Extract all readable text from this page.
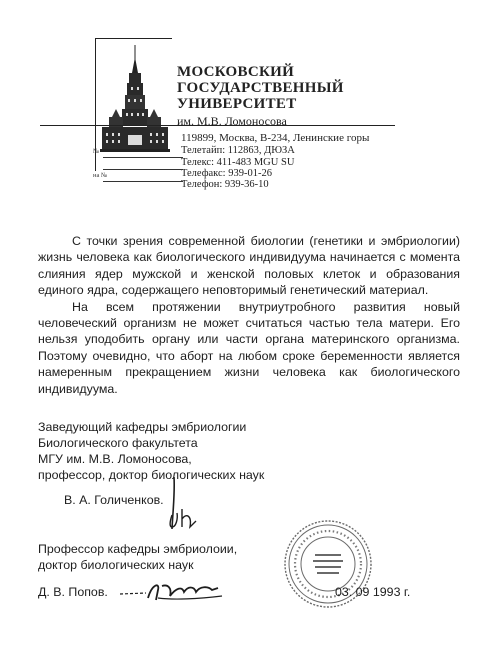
МОСКОВСКИЙ
ГОСУДАРСТВЕННЫЙ
УНИВЕРСИТЕТ
им. М.В. Ломоносова
119899, Москва, В-234, Ленинские горы
Телетайп: 112863, ДЮЗА
Телекс: 411-483 MGU SU
Телефакс: 939-01-26
Телефон: 939-36-10
№
на №

С точки зрения современной биологии (генетики и эмбриологии) жизнь человека как биологического индивидуума начинается с момента слияния ядер мужской и женской половых клеток и образования единого ядра, содержащего неповторимый генетический материал.

На всем протяжении внутриутробного развития новый человеческий организм не может считаться частью тела матери. Его нельзя уподобить органу или части органа материнского организма. Поэтому очевидно, что аборт на любом сроке беременности является намеренным прекращением жизни человека как биологического индивидуума.

Заведующий кафедры эмбриологии
Биологического факультета
МГУ им. М.В. Ломоносова,
профессор, доктор биологических наук
В. А. Голиченков.
Профессор кафедры эмбриолоии,
доктор биологических наук
Д. В. Попов.	03. 09 1993 г.
